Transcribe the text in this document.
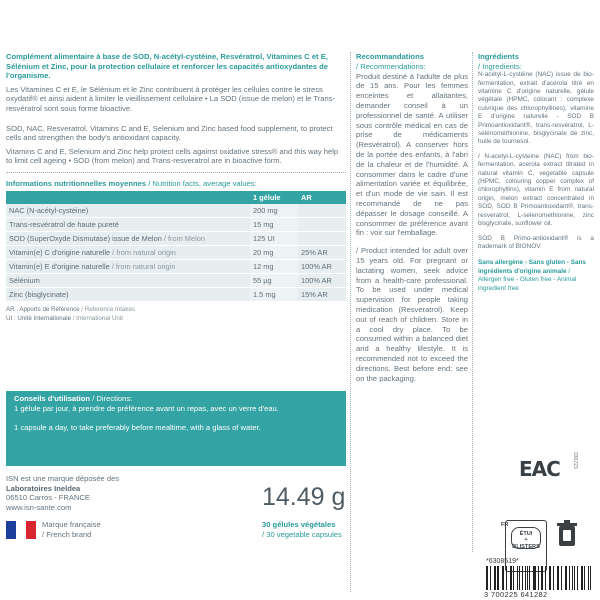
Complément alimentaire à base de SOD, N-acétyl-cystéine, Resvératrol, Vitamines C et E, Sélénium et Zinc, pour la protection cellulaire et renforcer les capacités antioxydantes de l'organisme.
Les Vitamines C et E, le Sélénium et le Zinc contribuent à protéger les cellules contre le stress oxydatif® et ainsi aident à limiter le vieillissement cellulaire • La SOD (issue de melon) et le Trans-resvératrol sont sous forme bioactive.
SOD, NAC, Resveratrol, Vitamins C and E, Selenium and Zinc based food supplement, to protect cells and strengthen the body's antioxidant capacity.
Vitamins C and E, Selenium and Zinc help protect cells against oxidative stress® and this way help to limit cell ageing • SOD (from melon) and Trans-resveratrol are in bioactive form.
Informations nutritionnelles moyennes / Nutrition facts, average values:
	1 gélule	AR
NAC (N-acétyl-cystéine)	200 mg	
Trans-resvératrol de haute pureté	15 mg	
SOD (SuperOxyde Dismutase) issue de Melon / from Melon	125 UI	
Vitamin(e) C d'origine naturelle / from natural origin	20 mg	25% AR
Vitamin(e) E d'origine naturelle / from natural origin	12 mg	100% AR
Sélénium	55 µg	100% AR
Zinc (bisglycinate)	1.5 mg	15% AR
AR : Apports de Référence / Reference Intakes
UI : Unité Internationale / International Unit
Conseils d'utilisation / Directions:
1 gélule par jour, à prendre de préférence avant un repas, avec un verre d'eau.
1 capsule a day, to take preferably before mealtime, with a glass of water.
ISN est une marque déposée des
Laboratoires Ineldea
06510 Carros - FRANCE
www.isn-sante.com
Marque française
/ French brand
14.49 g
30 gélules végétales
/ 30 vegetable capsules
Recommandations
/ Recommendations:
Produit destiné à l'adulte de plus de 15 ans. Pour les femmes enceintes et allaitantes, demander conseil à un professionnel de santé. A utiliser sous contrôle médical en cas de prise de médicaments (Resvératrol). A conserver hors de la portée des enfants, à l'abri de la chaleur et de l'humidité. A consommer dans le cadre d'une alimentation variée et équilibrée, et d'un mode de vie sain. Il est recommandé de ne pas dépasser le dosage conseillé. A consommer de préférence avant fin : voir sur l'emballage.
/ Product intended for adult over 15 years old. For pregnant or lactating women, seek advice from a health-care professional. To be used under medical supervision for people taking medication (Resveratrol). Keep out of reach of children. Store in a cool dry place. To be consumed within a balanced diet and a healthy lifestyle. It is recommended not to exceed the directions. Best before end: see on the packaging.
Ingrédients
/ Ingredients:
N-acétyl-L-cystéine (NAC) issue de bio-fermentation, extrait d'acérola titré en vitamine C d'origine naturelle, gélule végétale (HPMC, colorant : complexe cuivrique des chlorophyllines), vitamine E d'origine naturelle - SOD B Primoantioxidant®, trans-resvératrol, L-sélénométhionine, bisglycinate de zinc, huile de tournesol.
/ N-acetyl-L-cysteine (NAC) from bio-fermentation, acerola extract titrated in natural vitamin C, vegetable capsule (HPMC, colouring copper complex of chlorophyllins), vitamin E from natural origin, melon extract concentrated in SOD, SOD B Primoantioxidant®, trans-resveratrol, L-selenomethionine, zinc bisglycinate, sunflower oil.
SOD B Primo-antioxidant® is a trademark of BIONOV.
Sans allergène - Sans gluten - Sans ingrédients d'origine animale / Allergen free - Gluten free - Animal ingredient free
EAC 030723
FR
ÉTUI
+ BLISTERS
*6308519*
3 700225 641282
